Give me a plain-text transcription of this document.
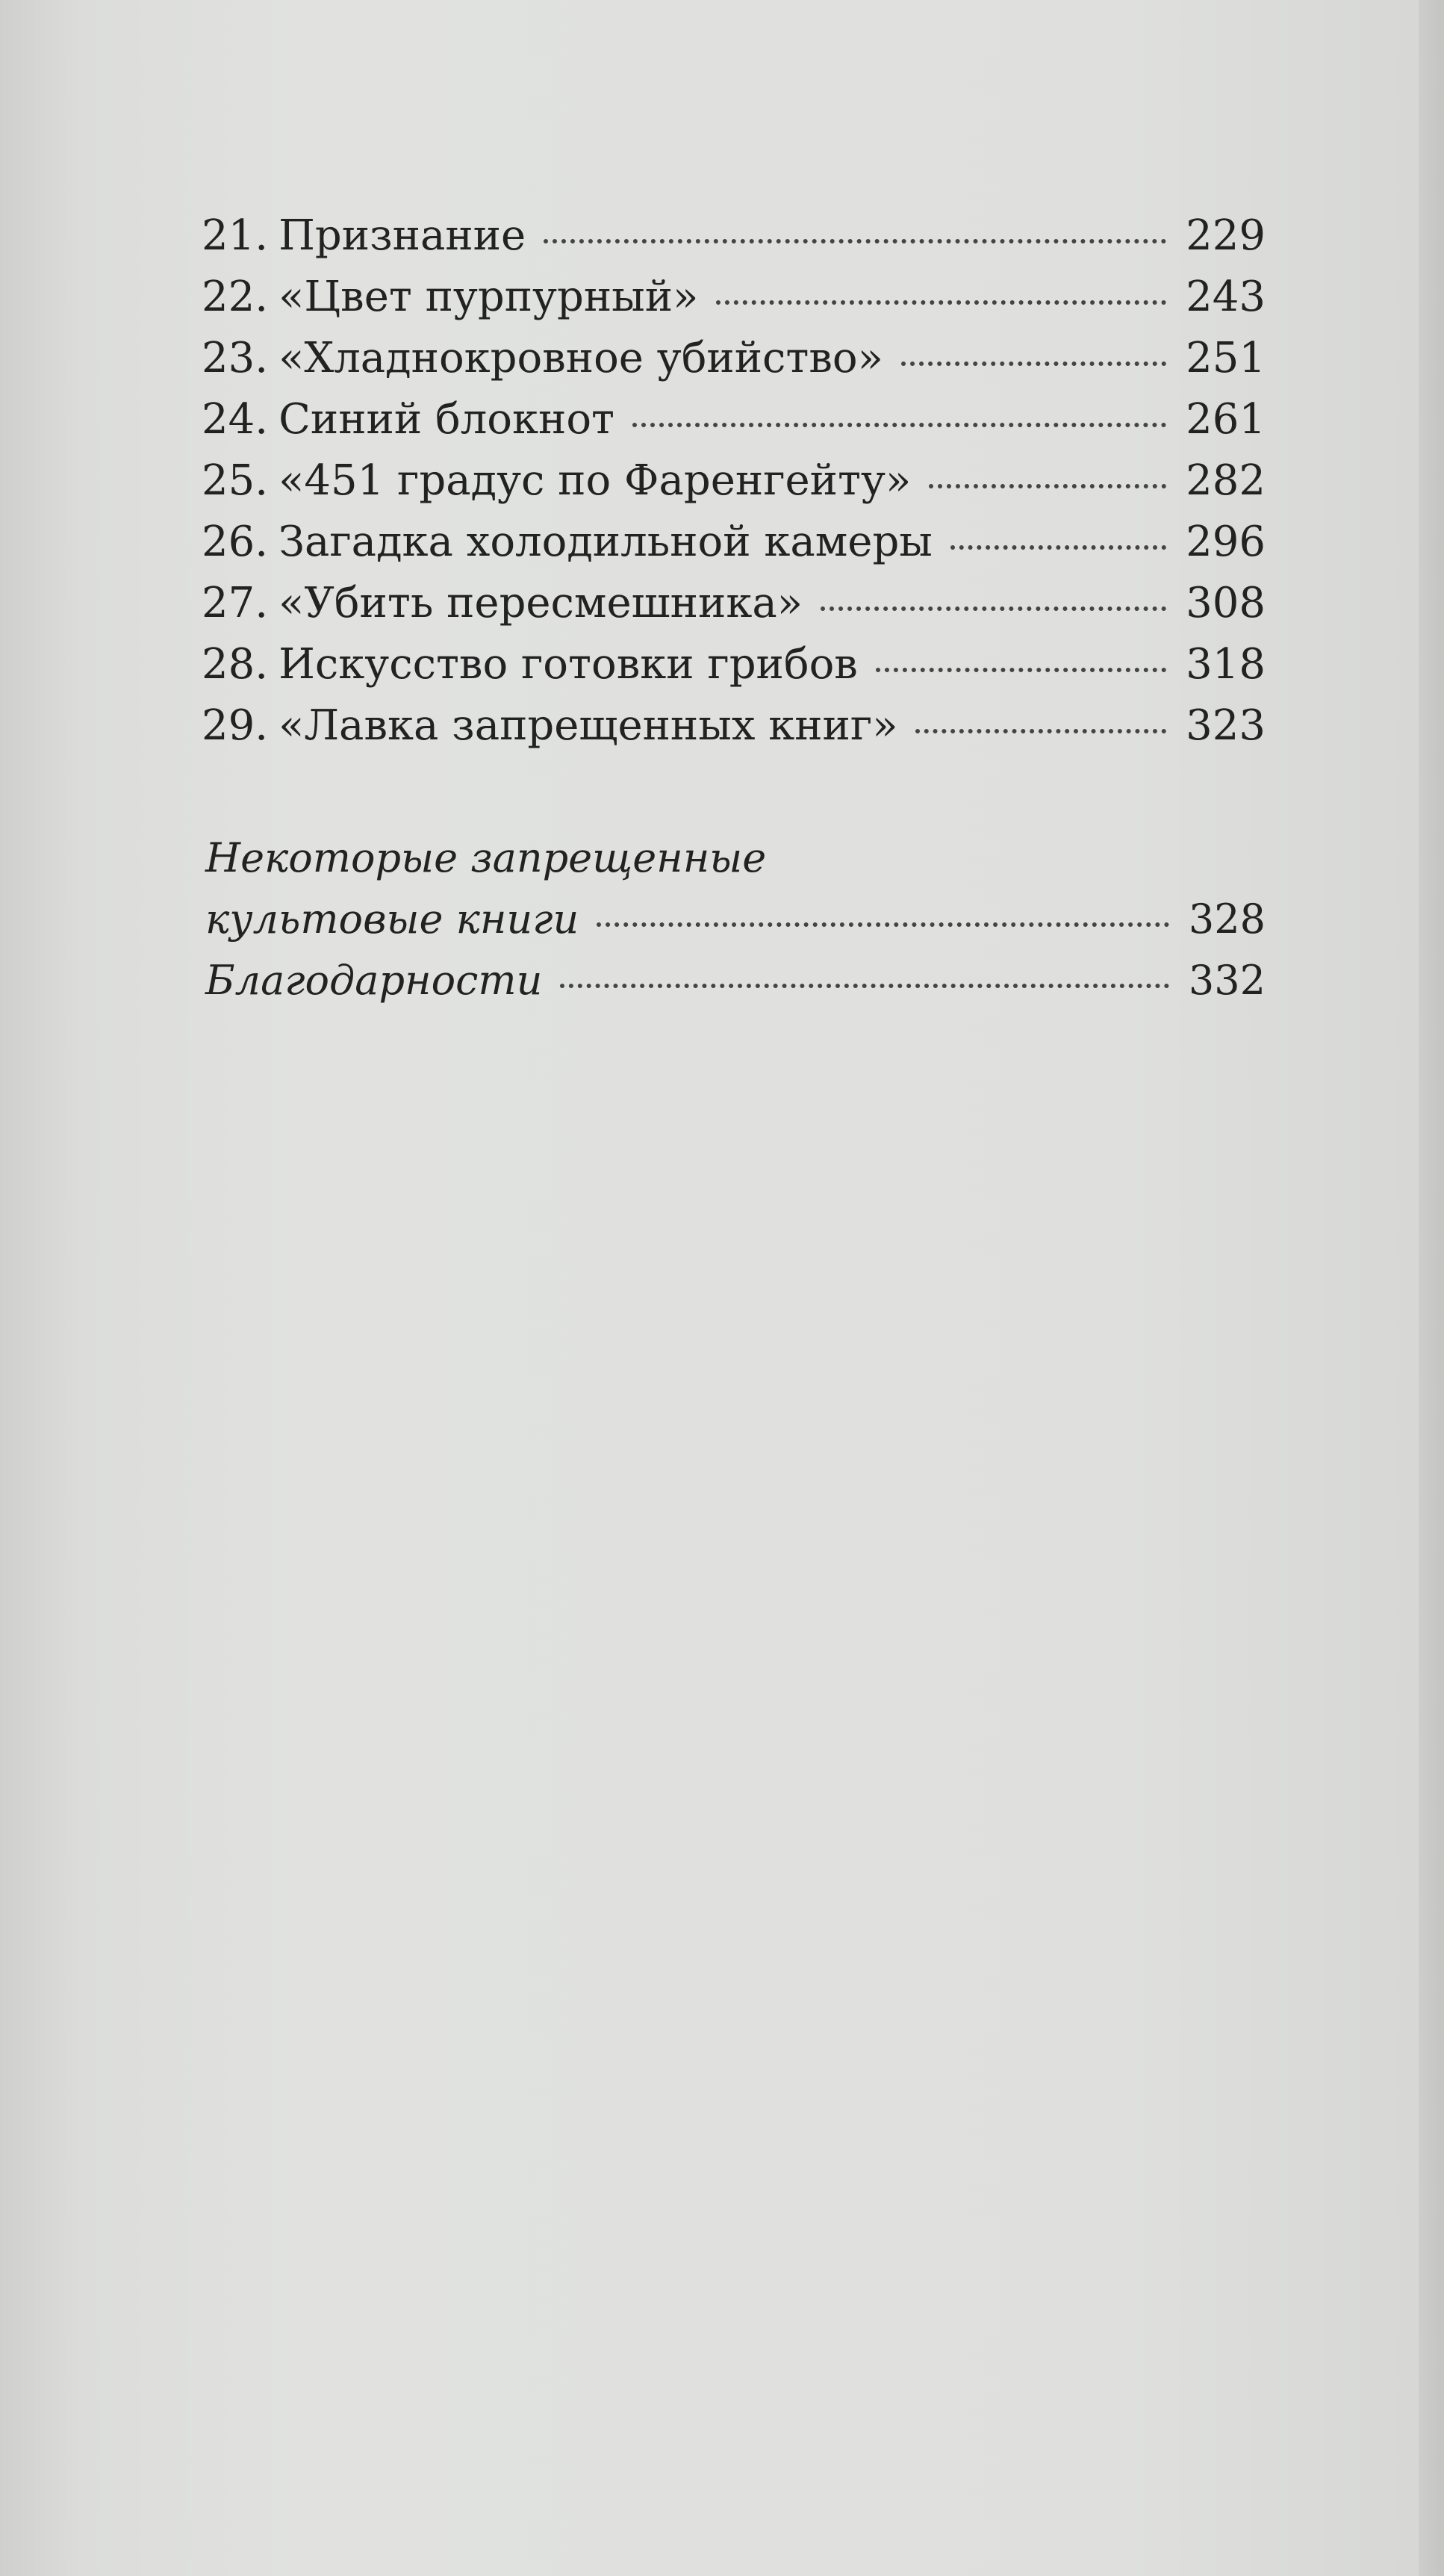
21. Признание	229
22. «Цвет пурпурный»	243
23. «Хладнокровное убийство»	251
24. Синий блокнот	261
25. «451 градус по Фаренгейту»	282
26. Загадка холодильной камеры	296
27. «Убить пересмешника»	308
28. Искусство готовки грибов	318
29. «Лавка запрещенных книг»	323
Некоторые запрещенные
культовые книги	328
Благодарности	332
